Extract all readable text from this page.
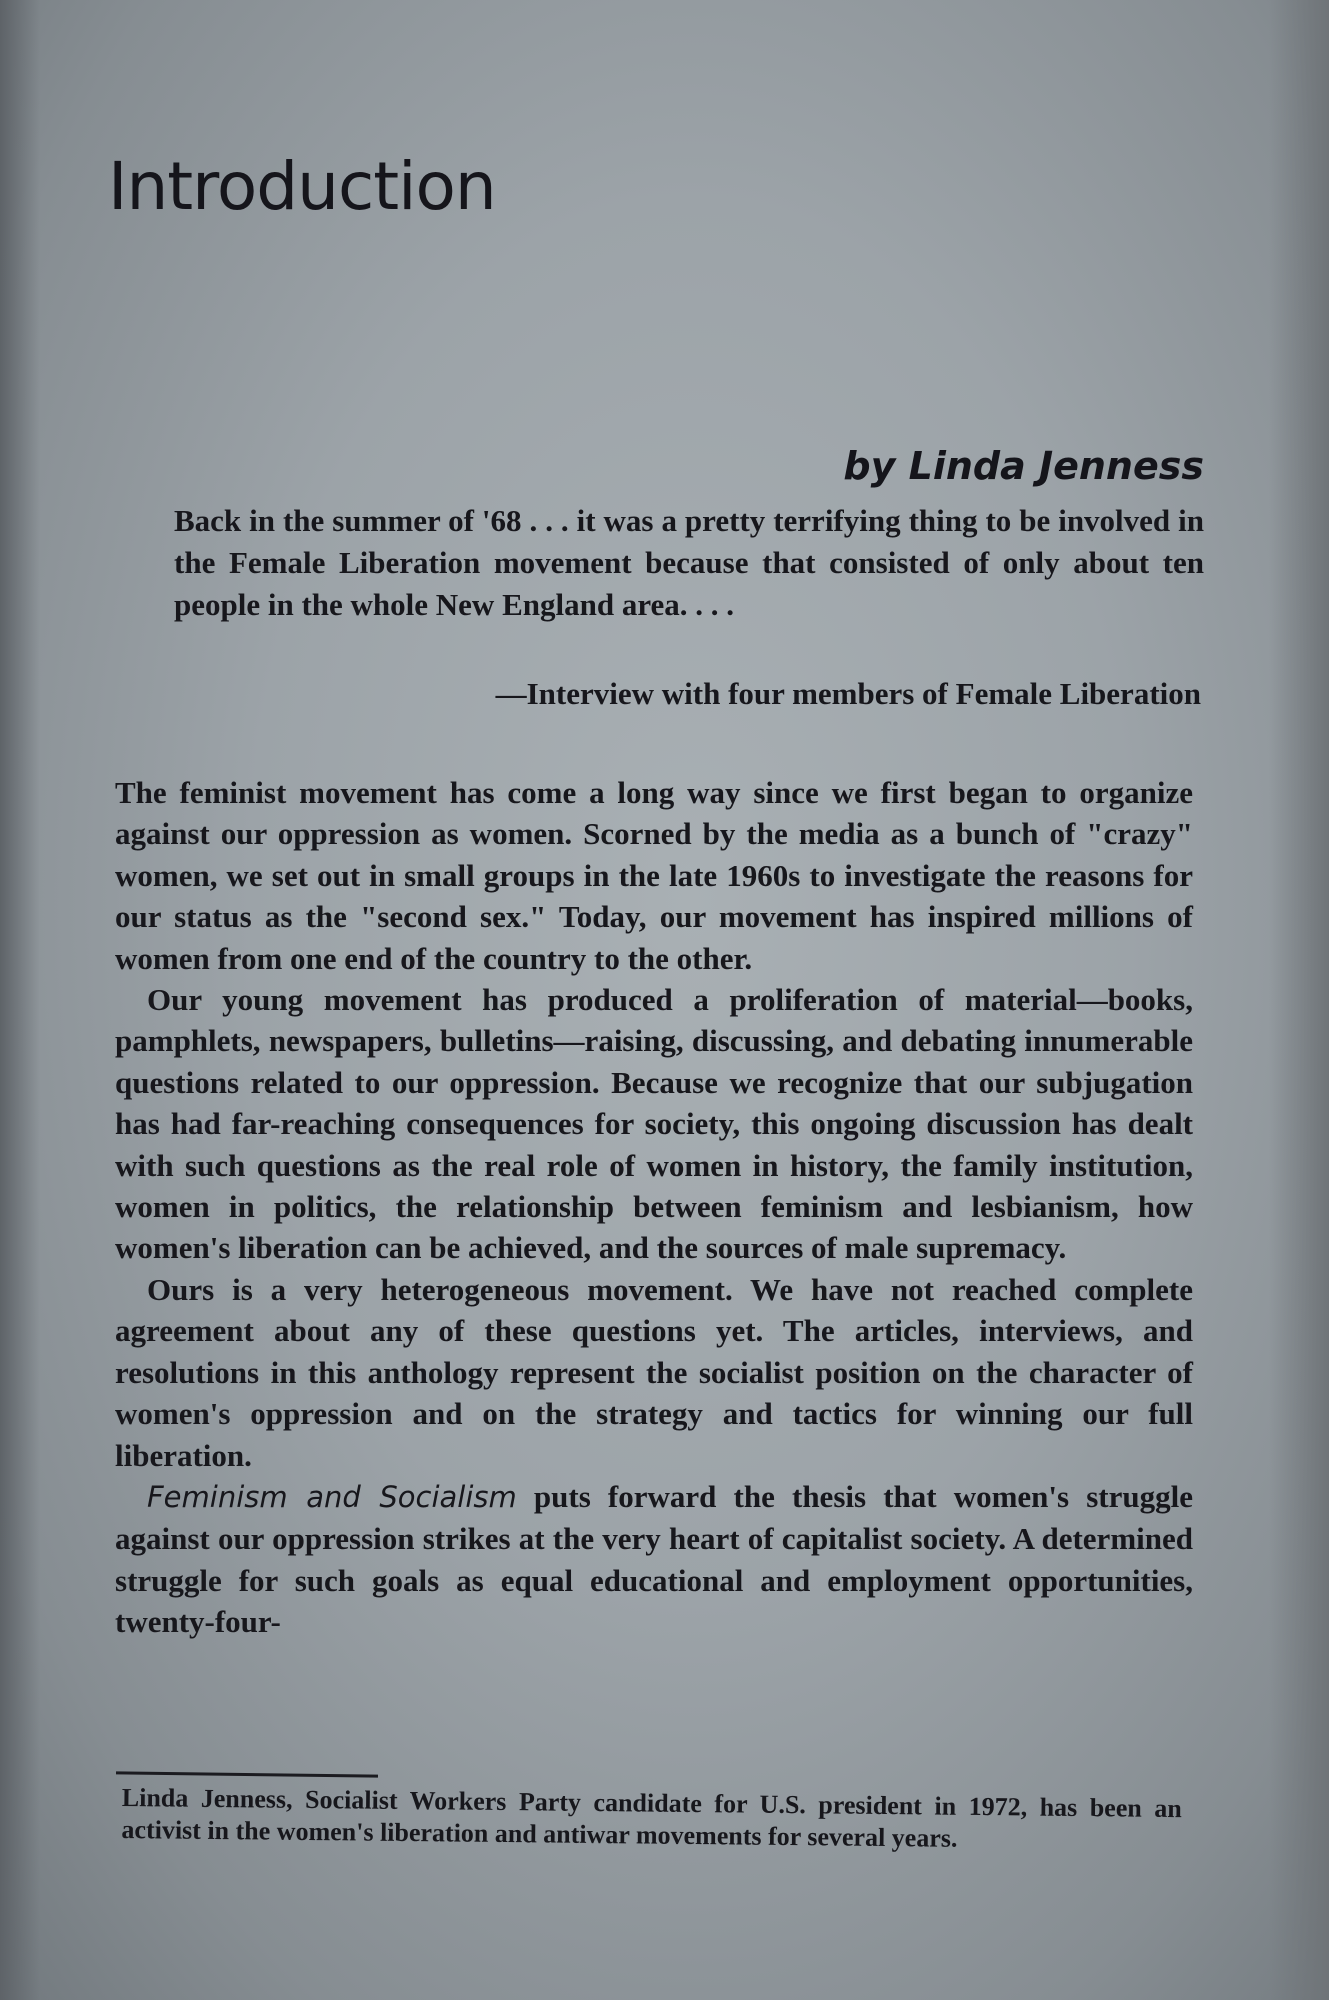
Introduction
by Linda Jenness
Back in the summer of '68 . . . it was a pretty terrifying thing to be involved in the Female Liberation movement because that consisted of only about ten people in the whole New England area. . . .
—Interview with four members of Female Liberation

The feminist movement has come a long way since we first began to organize against our oppression as women. Scorned by the media as a bunch of "crazy" women, we set out in small groups in the late 1960s to investigate the reasons for our status as the "second sex." Today, our movement has inspired millions of women from one end of the country to the other.

Our young movement has produced a proliferation of material—books, pamphlets, newspapers, bulletins—raising, discussing, and debating innumerable questions related to our oppression. Because we recognize that our subjugation has had far-reaching consequences for society, this ongoing discussion has dealt with such questions as the real role of women in history, the family institution, women in politics, the relationship between feminism and lesbianism, how women's liberation can be achieved, and the sources of male supremacy.

Ours is a very heterogeneous movement. We have not reached complete agreement about any of these questions yet. The articles, interviews, and resolutions in this anthology represent the socialist position on the character of women's oppression and on the strategy and tactics for winning our full liberation.

Feminism and Socialism puts forward the thesis that women's struggle against our oppression strikes at the very heart of capitalist society. A determined struggle for such goals as equal educational and employment opportunities, twenty-four-

Linda Jenness, Socialist Workers Party candidate for U.S. president in 1972, has been an activist in the women's liberation and antiwar movements for several years.
